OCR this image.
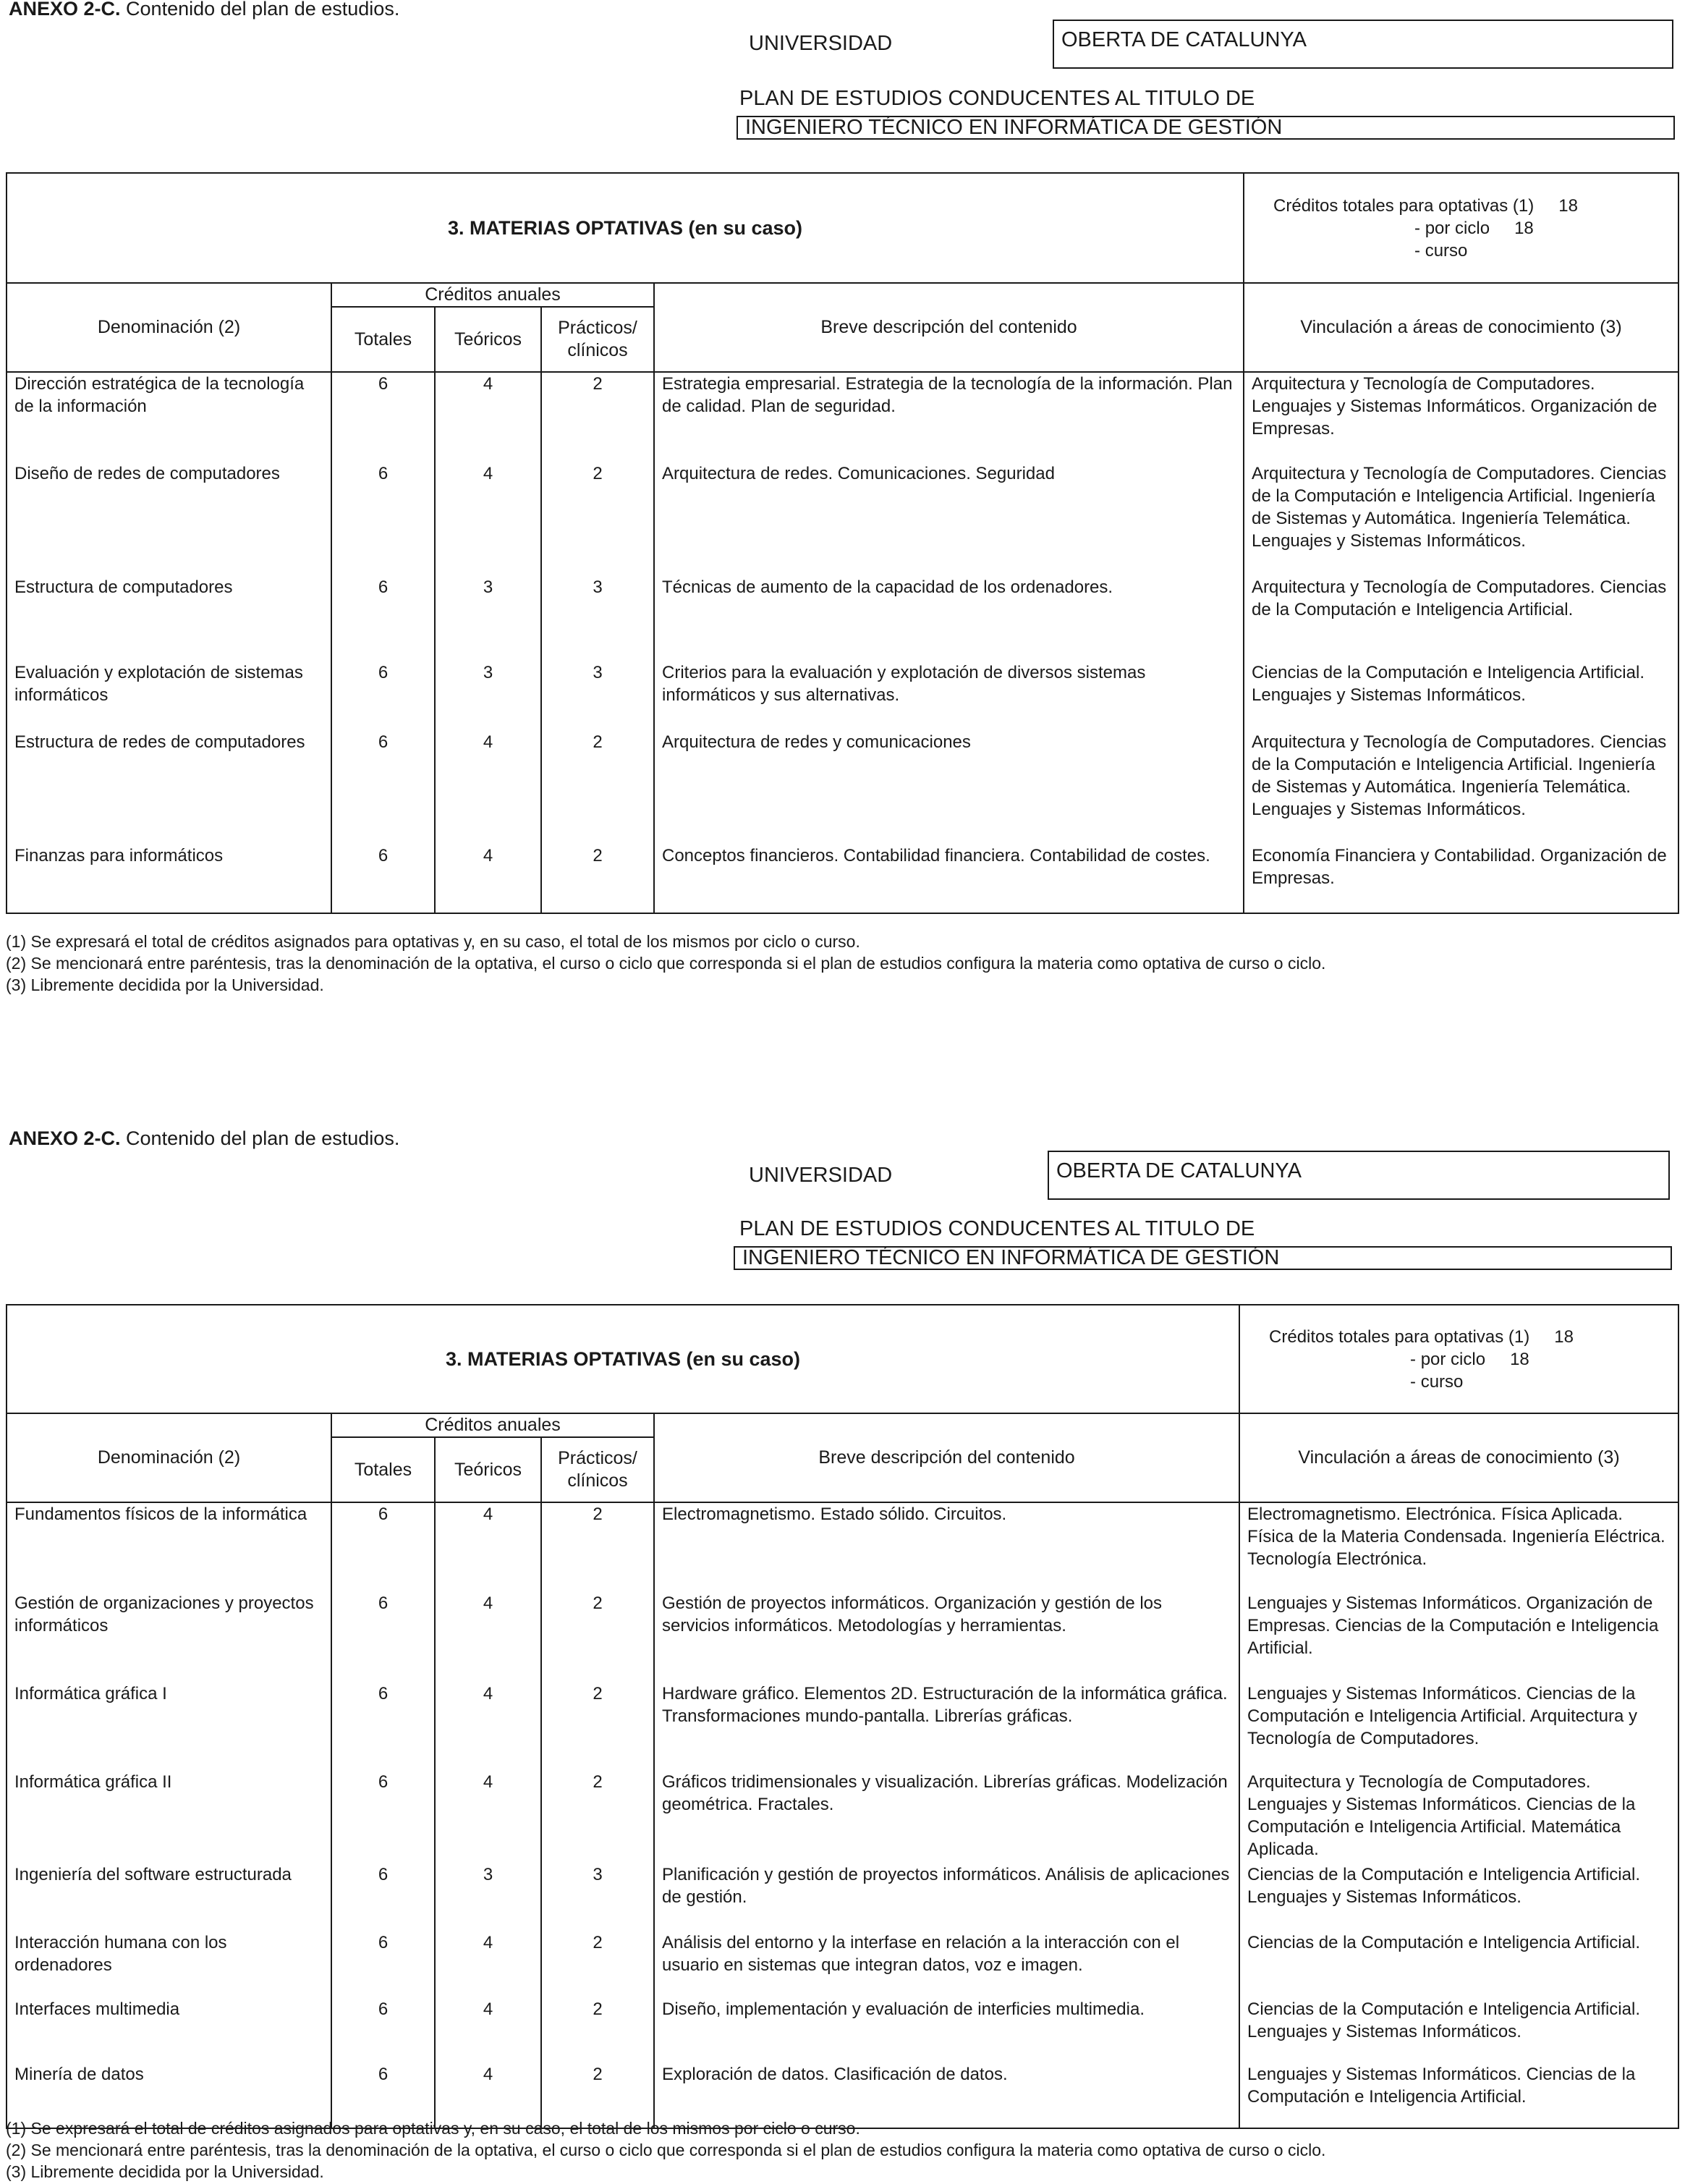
ANEXO 2-C. Contenido del plan de estudios.
UNIVERSIDAD	OBERTA DE CATALUNYA
PLAN DE ESTUDIOS CONDUCENTES AL TITULO DE
INGENIERO TÉCNICO EN INFORMÁTICA DE GESTIÓN
3. MATERIAS OPTATIVAS (en su caso)					Créditos totales para optativas (1) 18
- por ciclo 18
- curso

Denominación (2)	Créditos anuales			Breve descripción del contenido	Vinculación a áreas de conocimiento (3)
	Totales	Teóricos	Prácticos/ clínicos		
Dirección estratégica de la tecnología de la información	6	4	2	Estrategia empresarial. Estrategia de la tecnología de la información. Plan de calidad. Plan de seguridad.	Arquitectura y Tecnología de Computadores. Lenguajes y Sistemas Informáticos. Organización de Empresas.
Diseño de redes de computadores	6	4	2	Arquitectura de redes. Comunicaciones. Seguridad	Arquitectura y Tecnología de Computadores. Ciencias de la Computación e Inteligencia Artificial. Ingeniería de Sistemas y Automática. Ingeniería Telemática. Lenguajes y Sistemas Informáticos.
Estructura de computadores	6	3	3	Técnicas de aumento de la capacidad de los ordenadores.	Arquitectura y Tecnología de Computadores. Ciencias de la Computación e Inteligencia Artificial.
Evaluación y explotación de sistemas informáticos	6	3	3	Criterios para la evaluación y explotación de diversos sistemas informáticos y sus alternativas.	Ciencias de la Computación e Inteligencia Artificial. Lenguajes y Sistemas Informáticos.
Estructura de redes de computadores	6	4	2	Arquitectura de redes y comunicaciones	Arquitectura y Tecnología de Computadores. Ciencias de la Computación e Inteligencia Artificial. Ingeniería de Sistemas y Automática. Ingeniería Telemática. Lenguajes y Sistemas Informáticos.
Finanzas para informáticos	6	4	2	Conceptos financieros. Contabilidad financiera. Contabilidad de costes.	Economía Financiera y Contabilidad. Organización de Empresas.
(1) Se expresará el total de créditos asignados para optativas y, en su caso, el total de los mismos por ciclo o curso.
(2) Se mencionará entre paréntesis, tras la denominación de la optativa, el curso o ciclo que corresponda si el plan de estudios configura la materia como optativa de curso o ciclo.
(3) Libremente decidida por la Universidad.
ANEXO 2-C. Contenido del plan de estudios.
UNIVERSIDAD	OBERTA DE CATALUNYA
PLAN DE ESTUDIOS CONDUCENTES AL TITULO DE
INGENIERO TÉCNICO EN INFORMÁTICA DE GESTIÓN
3. MATERIAS OPTATIVAS (en su caso)					Créditos totales para optativas (1) 18
- por ciclo 18
- curso

Denominación (2)	Créditos anuales			Breve descripción del contenido	Vinculación a áreas de conocimiento (3)
	Totales	Teóricos	Prácticos/ clínicos		
Fundamentos físicos de la informática	6	4	2	Electromagnetismo. Estado sólido. Circuitos.	Electromagnetismo. Electrónica. Física Aplicada. Física de la Materia Condensada. Ingeniería Eléctrica. Tecnología Electrónica.
Gestión de organizaciones y proyectos informáticos	6	4	2	Gestión de proyectos informáticos. Organización y gestión de los servicios informáticos. Metodologías y herramientas.	Lenguajes y Sistemas Informáticos. Organización de Empresas. Ciencias de la Computación e Inteligencia Artificial.
Informática gráfica I	6	4	2	Hardware gráfico. Elementos 2D. Estructuración de la informática gráfica. Transformaciones mundo-pantalla. Librerías gráficas.	Lenguajes y Sistemas Informáticos. Ciencias de la Computación e Inteligencia Artificial. Arquitectura y Tecnología de Computadores.
Informática gráfica II	6	4	2	Gráficos tridimensionales y visualización. Librerías gráficas. Modelización geométrica. Fractales.	Arquitectura y Tecnología de Computadores. Lenguajes y Sistemas Informáticos. Ciencias de la Computación e Inteligencia Artificial. Matemática Aplicada.
Ingeniería del software estructurada	6	3	3	Planificación y gestión de proyectos informáticos. Análisis de aplicaciones de gestión.	Ciencias de la Computación e Inteligencia Artificial. Lenguajes y Sistemas Informáticos.
Interacción humana con los ordenadores	6	4	2	Análisis del entorno y la interfase en relación a la interacción con el usuario en sistemas que integran datos, voz e imagen.	Ciencias de la Computación e Inteligencia Artificial.
Interfaces multimedia	6	4	2	Diseño, implementación y evaluación de interficies multimedia.	Ciencias de la Computación e Inteligencia Artificial. Lenguajes y Sistemas Informáticos.
Minería de datos	6	4	2	Exploración de datos. Clasificación de datos.	Lenguajes y Sistemas Informáticos. Ciencias de la Computación e Inteligencia Artificial.
(1) Se expresará el total de créditos asignados para optativas y, en su caso, el total de los mismos por ciclo o curso.
(2) Se mencionará entre paréntesis, tras la denominación de la optativa, el curso o ciclo que corresponda si el plan de estudios configura la materia como optativa de curso o ciclo.
(3) Libremente decidida por la Universidad.
